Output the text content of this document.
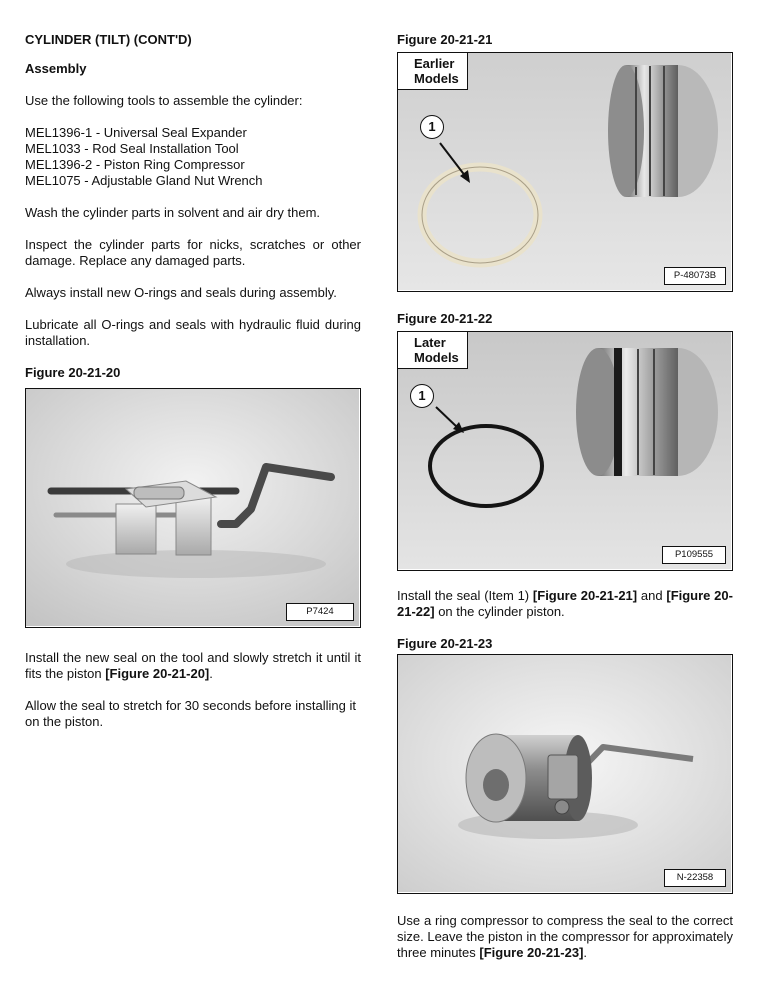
CYLINDER (TILT) (CONT'D)
Assembly
Use the following tools to assemble the cylinder:
MEL1396-1 - Universal Seal Expander
MEL1033 - Rod Seal Installation Tool
MEL1396-2 - Piston Ring Compressor
MEL1075 - Adjustable Gland Nut Wrench
Wash the cylinder parts in solvent and air dry them.
Inspect the cylinder parts for nicks, scratches or other damage. Replace any damaged parts.
Always install new O-rings and seals during assembly.
Lubricate all O-rings and seals with hydraulic fluid during installation.
Figure 20-21-20
P7424
Install the new seal on the tool and slowly stretch it until it fits the piston [Figure 20-21-20].
Allow the seal to stretch for 30 seconds before installing it on the piston.
Figure 20-21-21
Earlier
Models
1
P-48073B
Figure 20-21-22
Later
Models
1
P109555
Install the seal (Item 1) [Figure 20-21-21] and [Figure 20-21-22] on the cylinder piston.
Figure 20-21-23
N-22358
Use a ring compressor to compress the seal to the correct size. Leave the piston in the compressor for approximately three minutes [Figure 20-21-23].
